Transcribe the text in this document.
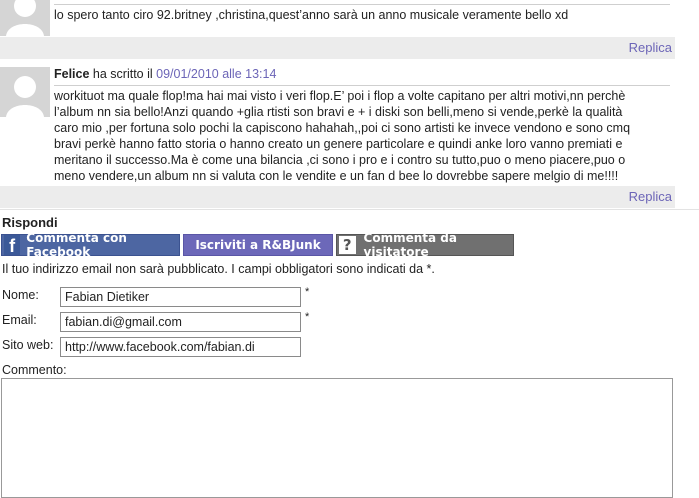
lo spero tanto ciro 92.britney ,christina,quest’anno sarà un anno musicale veramente bello xd
Replica
Felice ha scritto il 09/01/2010 alle 13:14
workituot ma quale flop!ma hai mai visto i veri flop.E’ poi i flop a volte capitano per altri motivi,nn perchè
l’album nn sia bello!Anzi quando +glia rtisti son bravi e + i diski son belli,meno si vende,perkè la qualità
caro mio ,per fortuna solo pochi la capiscono hahahah,,poi ci sono artisti ke invece vendono e sono cmq
bravi perkè hanno fatto storia o hanno creato un genere particolare e quindi anke loro vanno premiati e
meritano il successo.Ma è come una bilancia ,ci sono i pro e i contro su tutto,puo o meno piacere,puo o
meno vendere,un album nn si valuta con le vendite e un fan d bee lo dovrebbe sapere melgio di me!!!!
Replica
Rispondi
f Commenta con Facebook	Iscriviti a R&BJunk ? Commenta da visitatore
Il tuo indirizzo email non sarà pubblicato. I campi obbligatori sono indicati da *.
Nome:
Fabian Dietiker	*
Email:
fabian.di@gmail.com	*
Sito web:
http://www.facebook.com/fabian.di
Commento:
